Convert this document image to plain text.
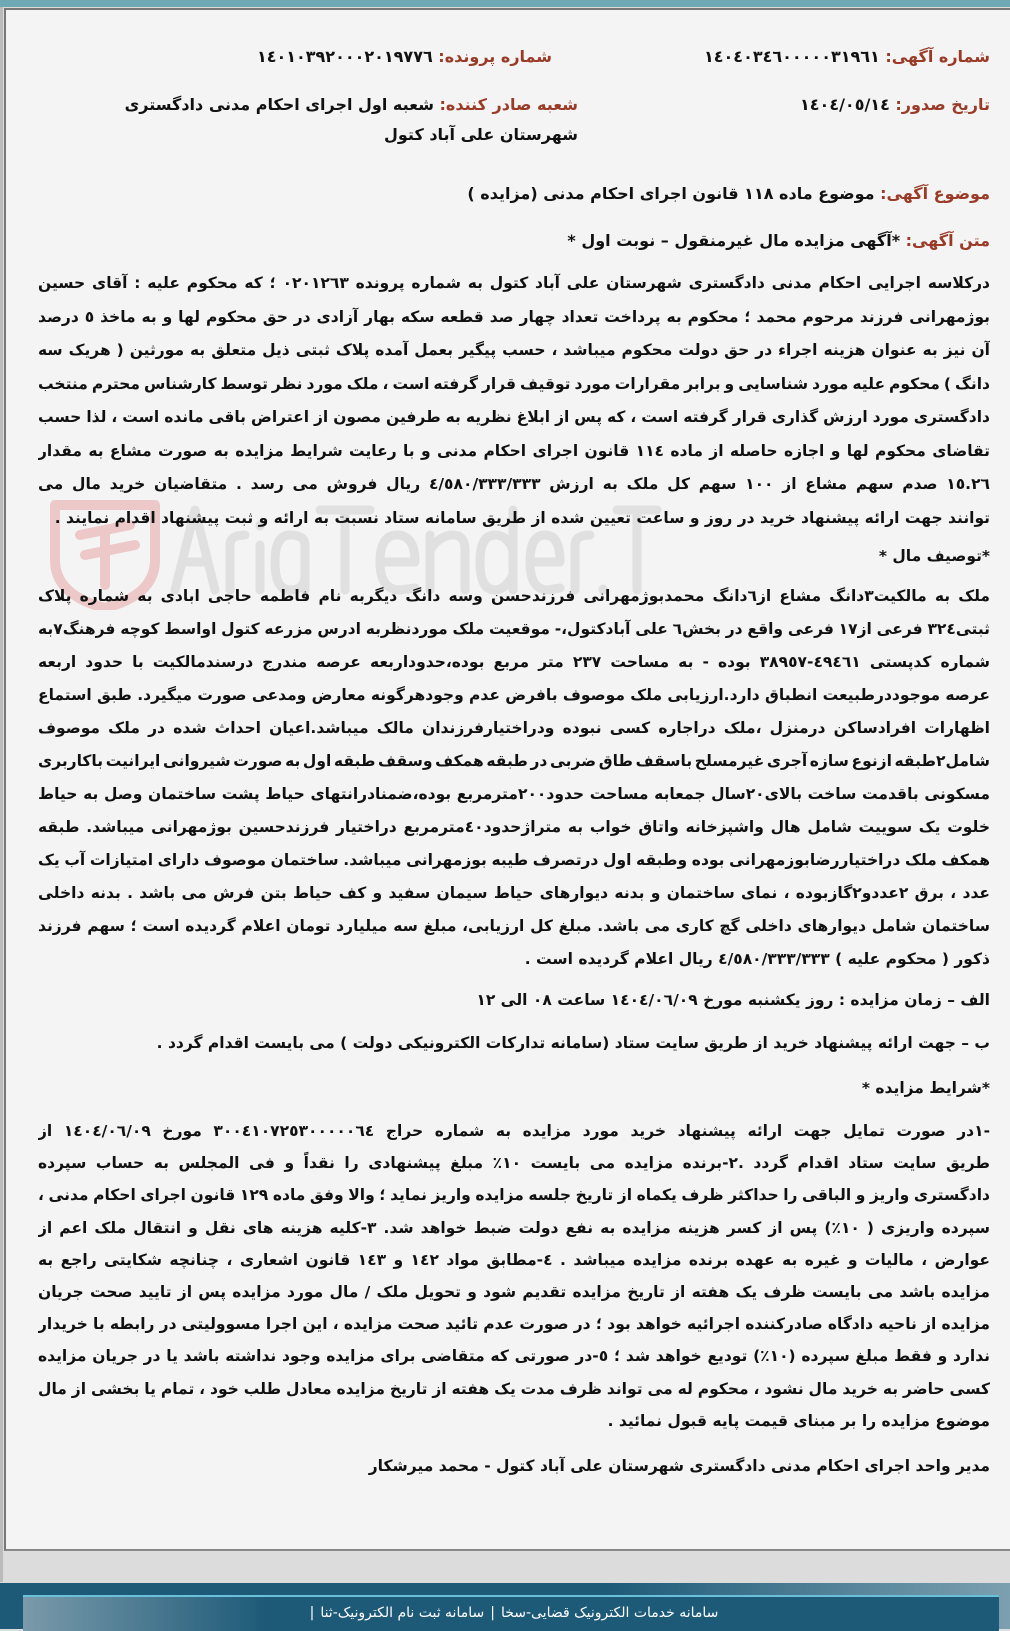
شماره آگهی: ١٤٠٤٠٣٤٦٠٠٠٠٠٣١٩٦١
شماره پرونده: ١٤٠١٠٣٩٢٠٠٠٢٠١٩٧٧٦
تاریخ صدور: ١٤٠٤/٠٥/١٤
شعبه صادر کننده: شعبه اول اجرای احکام مدنی دادگستری شهرستان علی آباد کتول
موضوع آگهی: موضوع ماده ١١٨ قانون اجرای احکام مدنی (مزایده )
متن آگهی: *آگهی مزایده مال غیرمنقول – نوبت اول *
درکلاسه اجرایی احکام مدنی دادگستری شهرستان علی آباد کتول به شماره پرونده ٠٢٠١٢٦٣ ؛ که محکوم علیه : آقای حسین
بوژمهرانی فرزند مرحوم محمد ؛ محکوم به پرداخت تعداد چهار صد قطعه سکه بهار آزادی در حق محکوم لها و به ماخذ ٥ درصد
آن نیز به عنوان هزینه اجراء در حق دولت محکوم میباشد ، حسب پیگیر بعمل آمده پلاک ثبتی ذیل متعلق به مورثین ( هریک سه
دانگ ) محکوم علیه مورد شناسایی و برابر مقرارات مورد توقیف قرار گرفته است ، ملک مورد نظر توسط کارشناس محترم منتخب
دادگستری مورد ارزش گذاری قرار گرفته است ، که پس از ابلاغ نظریه به طرفین مصون از اعتراض باقی مانده است ، لذا حسب
تقاضای محکوم لها و اجازه حاصله از ماده ١١٤ قانون اجرای احکام مدنی و با رعایت شرایط مزایده به صورت مشاع به مقدار
١٥.٢٦ صدم سهم مشاع از ١٠٠ سهم کل ملک به ارزش ٤/٥٨٠/٣٣٣/٣٣٣ ریال فروش می رسد . متقاضیان خرید مال می
توانند جهت ارائه پیشنهاد خرید در روز و ساعت تعیین شده از طریق سامانه ستاد نسبت به ارائه و ثبت پیشنهاد اقدام نمایند .
*توصیف مال *
ملک به مالکیت٣دانگ مشاع از٦دانگ محمدبوژمهرانی فرزندحسن وسه دانگ دیگربه نام فاطمه حاجی ابادی به شماره پلاک
ثبتی٣٢٤ فرعی از١٧ فرعی واقع در بخش٦ علی آبادکتول،- موقعیت ملک موردنظربه ادرس مزرعه کتول اواسط کوچه فرهنگ٧به
شماره کدپستی ٤٩٤٦١-٣٨٩٥٧ بوده - به مساحت ٢٣٧ متر مربع بوده،حدوداربعه عرصه مندرج درسندمالکیت با حدود اربعه
عرصه موجوددرطبیعت انطباق دارد.ارزیابی ملک موصوف بافرض عدم وجودهرگونه معارض ومدعی صورت میگیرد. طبق استماع
اظهارات افرادساکن درمنزل ،ملک دراجاره کسی نبوده ودراختیارفرزندان مالک میباشد.اعیان احداث شده در ملک موصوف
شامل٢طبقه ازنوع سازه آجری غیرمسلح باسقف طاق ضربی در طبقه همکف وسقف طبقه اول به صورت شیروانی ایرانیت باکاربری
مسکونی باقدمت ساخت بالای٢٠سال جمعابه مساحت حدود٢٠٠مترمربع بوده،ضمنادرانتهای حیاط پشت ساختمان وصل به حیاط
خلوت یک سوییت شامل هال واشپزخانه واتاق خواب به متراژحدود٤٠مترمربع دراختیار فرزندحسین بوژمهرانی میباشد. طبقه
همکف ملک دراختیاررضابوزمهرانی بوده وطبقه اول درتصرف طیبه بوزمهرانی میباشد. ساختمان موصوف دارای امتیازات آب یک
عدد ، برق ٢عددو٢گازبوده ، نمای ساختمان و بدنه دیوارهای حیاط سیمان سفید و کف حیاط بتن فرش می باشد . بدنه داخلی
ساختمان شامل دیوارهای داخلی گچ کاری می باشد. مبلغ کل ارزیابی، مبلغ سه میلیارد تومان اعلام گردیده است ؛ سهم فرزند
ذکور ( محکوم علیه ) ٤/٥٨٠/٣٣٣/٣٣٣ ریال اعلام گردیده است .
الف – زمان مزایده : روز یکشنبه مورخ ١٤٠٤/٠٦/٠٩ ساعت ٠٨ الی ١٢
ب – جهت ارائه پیشنهاد خرید از طریق سایت ستاد (سامانه تدارکات الکترونیکی دولت ) می بایست اقدام گردد .
*شرایط مزایده *
-١در صورت تمایل جهت ارائه پیشنهاد خرید مورد مزایده به شماره حراج ٣٠٠٤١٠٧٢٥٣٠٠٠٠٠٦٤ مورخ ١٤٠٤/٠٦/٠٩ از
طریق سایت ستاد اقدام گردد .٢-برنده مزایده می بایست ١٠٪ مبلغ پیشنهادی را نقداً و فی المجلس به حساب سپرده
دادگستری واریز و الباقی را حداکثر ظرف یکماه از تاریخ جلسه مزایده واریز نماید ؛ والا وفق ماده ١٢٩ قانون اجرای احکام مدنی ،
سپرده واریزی ( ١٠٪) پس از کسر هزینه مزایده به نفع دولت ضبط خواهد شد. ٣-کلیه هزینه های نقل و انتقال ملک اعم از
عوارض ، مالیات و غیره به عهده برنده مزایده میباشد . ٤-مطابق مواد ١٤٢ و ١٤٣ قانون اشعاری ، چنانچه شکایتی راجع به
مزایده باشد می بایست ظرف یک هفته از تاریخ مزایده تقدیم شود و تحویل ملک / مال مورد مزایده پس از تایید صحت جریان
مزایده از ناحیه دادگاه صادرکننده اجرائیه خواهد بود ؛ در صورت عدم تائید صحت مزایده ، این اجرا مسوولیتی در رابطه با خریدار
ندارد و فقط مبلغ سپرده (١٠٪) تودیع خواهد شد ؛ ٥-در صورتی که متقاضی برای مزایده وجود نداشته باشد یا در جریان مزایده
کسی حاضر به خرید مال نشود ، محکوم له می تواند ظرف مدت یک هفته از تاریخ مزایده معادل طلب خود ، تمام یا بخشی از مال
موضوع مزایده را بر مبنای قیمت پایه قبول نمائید .
مدیر واحد اجرای احکام مدنی دادگستری شهرستان علی آباد کتول - محمد میرشکار
سامانه خدمات الکترونیک قضایی-سخا|سامانه ثبت نام الکترونیک-ثنا|
